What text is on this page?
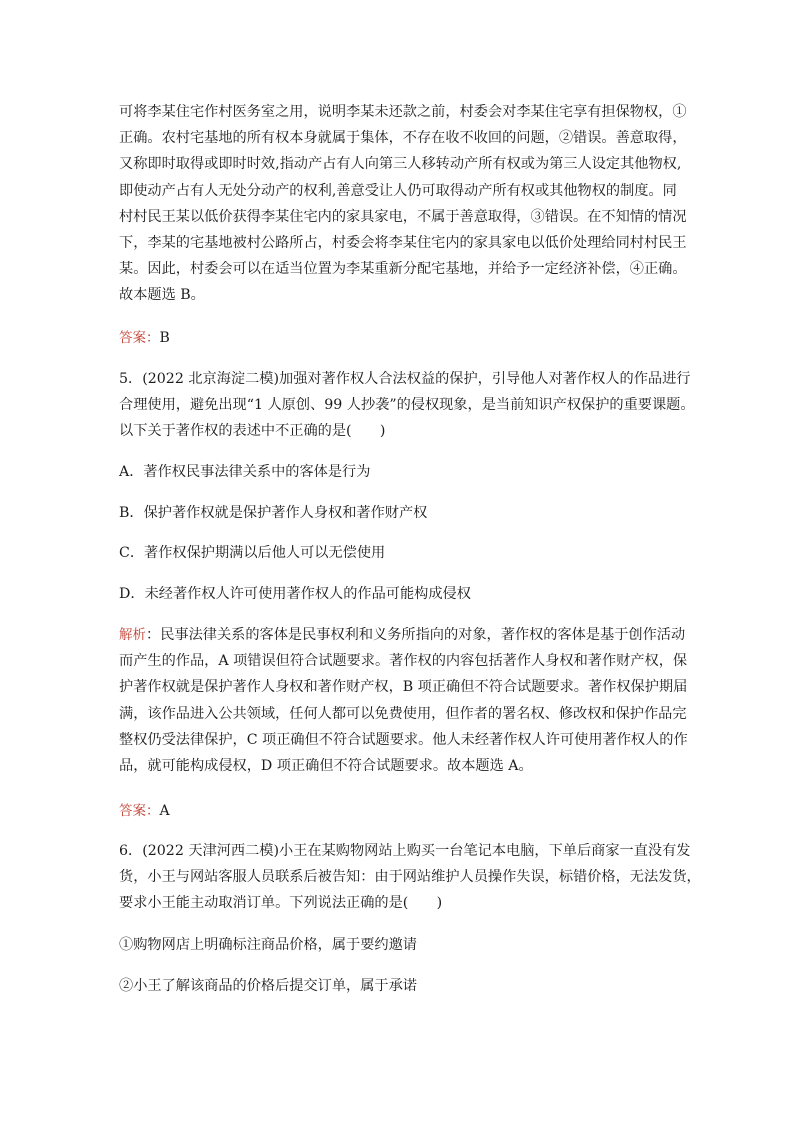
可将李某住宅作村医务室之用，说明李某未还款之前，村委会对李某住宅享有担保物权，①
正确。农村宅基地的所有权本身就属于集体，不存在收不收回的问题，②错误。善意取得，
又称即时取得或即时时效,指动产占有人向第三人移转动产所有权或为第三人设定其他物权,
即使动产占有人无处分动产的权利,善意受让人仍可取得动产所有权或其他物权的制度。同
村村民王某以低价获得李某住宅内的家具家电，不属于善意取得，③错误。在不知情的情况
下，李某的宅基地被村公路所占，村委会将李某住宅内的家具家电以低价处理给同村村民王
某。因此，村委会可以在适当位置为李某重新分配宅基地，并给予一定经济补偿，④正确。
故本题选 B。
答案：B
5．(2022 北京海淀二模)加强对著作权人合法权益的保护，引导他人对著作权人的作品进行
合理使用，避免出现“1 人原创、99 人抄袭”的侵权现象，是当前知识产权保护的重要课题。
以下关于著作权的表述中不正确的是(　　)
A．著作权民事法律关系中的客体是行为
B．保护著作权就是保护著作人身权和著作财产权
C．著作权保护期满以后他人可以无偿使用
D．未经著作权人许可使用著作权人的作品可能构成侵权
解析：民事法律关系的客体是民事权利和义务所指向的对象，著作权的客体是基于创作活动
而产生的作品，A 项错误但符合试题要求。著作权的内容包括著作人身权和著作财产权，保
护著作权就是保护著作人身权和著作财产权，B 项正确但不符合试题要求。著作权保护期届
满，该作品进入公共领域，任何人都可以免费使用，但作者的署名权、修改权和保护作品完
整权仍受法律保护，C 项正确但不符合试题要求。他人未经著作权人许可使用著作权人的作
品，就可能构成侵权，D 项正确但不符合试题要求。故本题选 A。
答案：A
6．(2022 天津河西二模)小王在某购物网站上购买一台笔记本电脑，下单后商家一直没有发
货，小王与网站客服人员联系后被告知：由于网站维护人员操作失误，标错价格，无法发货，
要求小王能主动取消订单。下列说法正确的是(　　)
①购物网店上明确标注商品价格，属于要约邀请
②小王了解该商品的价格后提交订单，属于承诺
